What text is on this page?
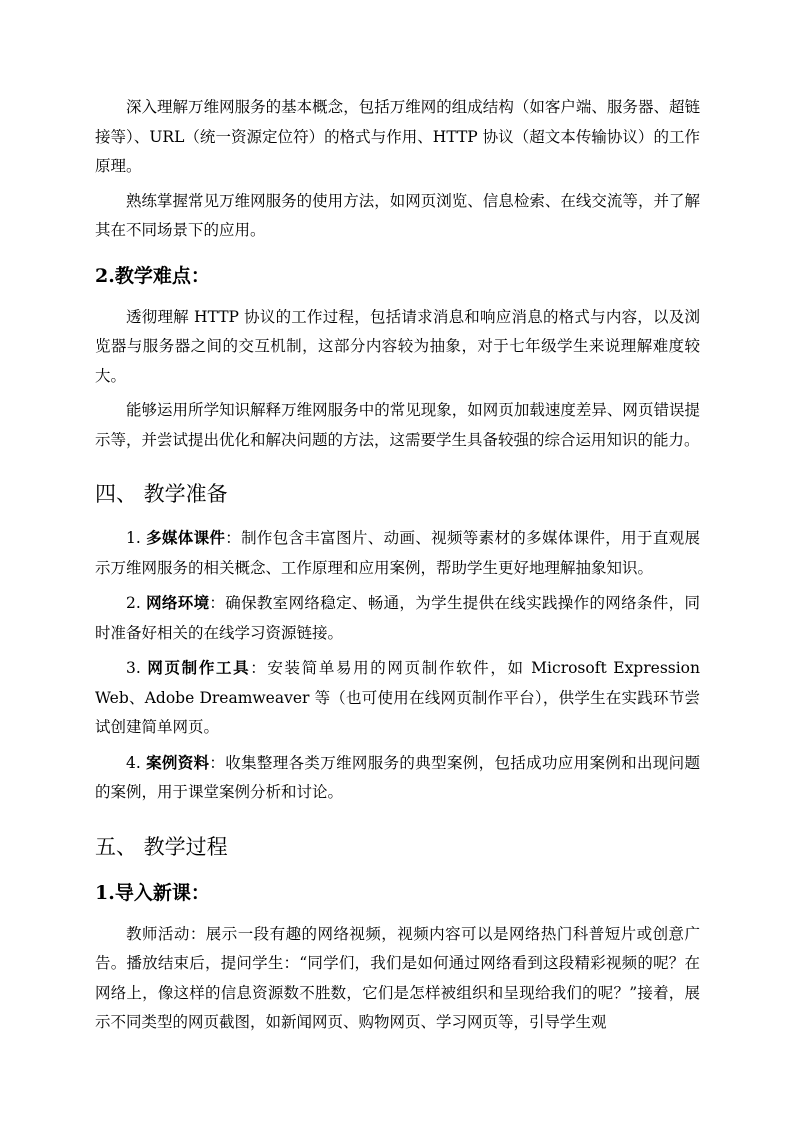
深入理解万维网服务的基本概念，包括万维网的组成结构（如客户端、服务器、超链接等）、URL（统一资源定位符）的格式与作用、HTTP 协议（超文本传输协议）的工作原理。

熟练掌握常见万维网服务的使用方法，如网页浏览、信息检索、在线交流等，并了解其在不同场景下的应用。

2.教学难点：

透彻理解 HTTP 协议的工作过程，包括请求消息和响应消息的格式与内容，以及浏览器与服务器之间的交互机制，这部分内容较为抽象，对于七年级学生来说理解难度较大。

能够运用所学知识解释万维网服务中的常见现象，如网页加载速度差异、网页错误提示等，并尝试提出优化和解决问题的方法，这需要学生具备较强的综合运用知识的能力。

四、 教学准备

1. 多媒体课件：制作包含丰富图片、动画、视频等素材的多媒体课件，用于直观展示万维网服务的相关概念、工作原理和应用案例，帮助学生更好地理解抽象知识。

2. 网络环境：确保教室网络稳定、畅通，为学生提供在线实践操作的网络条件，同时准备好相关的在线学习资源链接。

3. 网页制作工具：安装简单易用的网页制作软件，如 Microsoft Expression Web、Adobe Dreamweaver 等（也可使用在线网页制作平台），供学生在实践环节尝试创建简单网页。

4. 案例资料：收集整理各类万维网服务的典型案例，包括成功应用案例和出现问题的案例，用于课堂案例分析和讨论。

五、 教学过程
1.导入新课：

教师活动：展示一段有趣的网络视频，视频内容可以是网络热门科普短片或创意广告。播放结束后，提问学生：“同学们，我们是如何通过网络看到这段精彩视频的呢？在网络上，像这样的信息资源数不胜数，它们是怎样被组织和呈现给我们的呢？”接着，展示不同类型的网页截图，如新闻网页、购物网页、学习网页等，引导学生观
